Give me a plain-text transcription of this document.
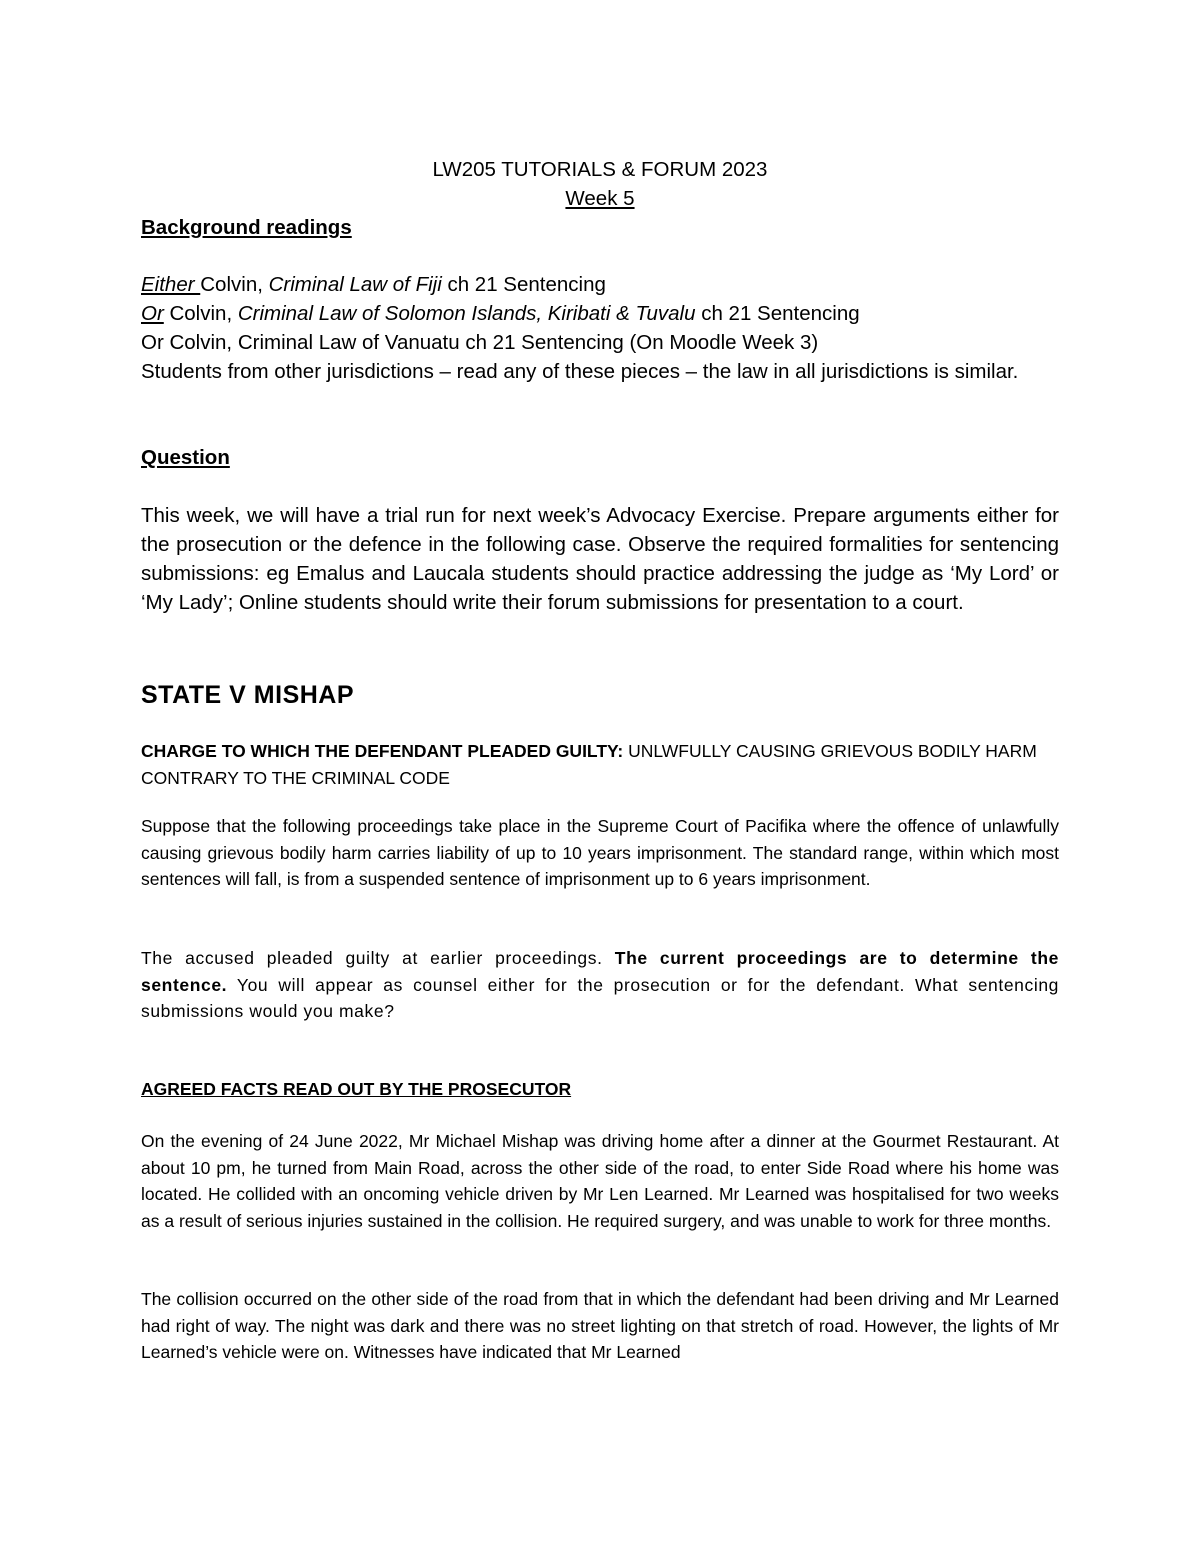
LW205 TUTORIALS & FORUM 2023

Week 5

Background readings

Either Colvin, Criminal Law of Fiji ch 21 Sentencing

Or Colvin, Criminal Law of Solomon Islands, Kiribati & Tuvalu ch 21 Sentencing

Or Colvin, Criminal Law of Vanuatu ch 21 Sentencing (On Moodle Week 3)

Students from other jurisdictions – read any of these pieces – the law in all jurisdictions is similar.

Question

This week, we will have a trial run for next week’s Advocacy Exercise. Prepare arguments either for the prosecution or the defence in the following case. Observe the required formalities for sentencing submissions: eg Emalus and Laucala students should practice addressing the judge as ‘My Lord’ or ‘My Lady’; Online students should write their forum submissions for presentation to a court.

STATE V MISHAP

CHARGE TO WHICH THE DEFENDANT PLEADED GUILTY: UNLWFULLY CAUSING GRIEVOUS BODILY HARM CONTRARY TO THE CRIMINAL CODE

Suppose that the following proceedings take place in the Supreme Court of Pacifika where the offence of unlawfully causing grievous bodily harm carries liability of up to 10 years imprisonment. The standard range, within which most sentences will fall, is from a suspended sentence of imprisonment up to 6 years imprisonment.

The accused pleaded guilty at earlier proceedings. The current proceedings are to determine the sentence. You will appear as counsel either for the prosecution or for the defendant. What sentencing submissions would you make?

AGREED FACTS READ OUT BY THE PROSECUTOR

On the evening of 24 June 2022, Mr Michael Mishap was driving home after a dinner at the Gourmet Restaurant. At about 10 pm, he turned from Main Road, across the other side of the road, to enter Side Road where his home was located. He collided with an oncoming vehicle driven by Mr Len Learned. Mr Learned was hospitalised for two weeks as a result of serious injuries sustained in the collision. He required surgery, and was unable to work for three months.

The collision occurred on the other side of the road from that in which the defendant had been driving and Mr Learned had right of way. The night was dark and there was no street lighting on that stretch of road. However, the lights of Mr Learned’s vehicle were on. Witnesses have indicated that Mr Learned
